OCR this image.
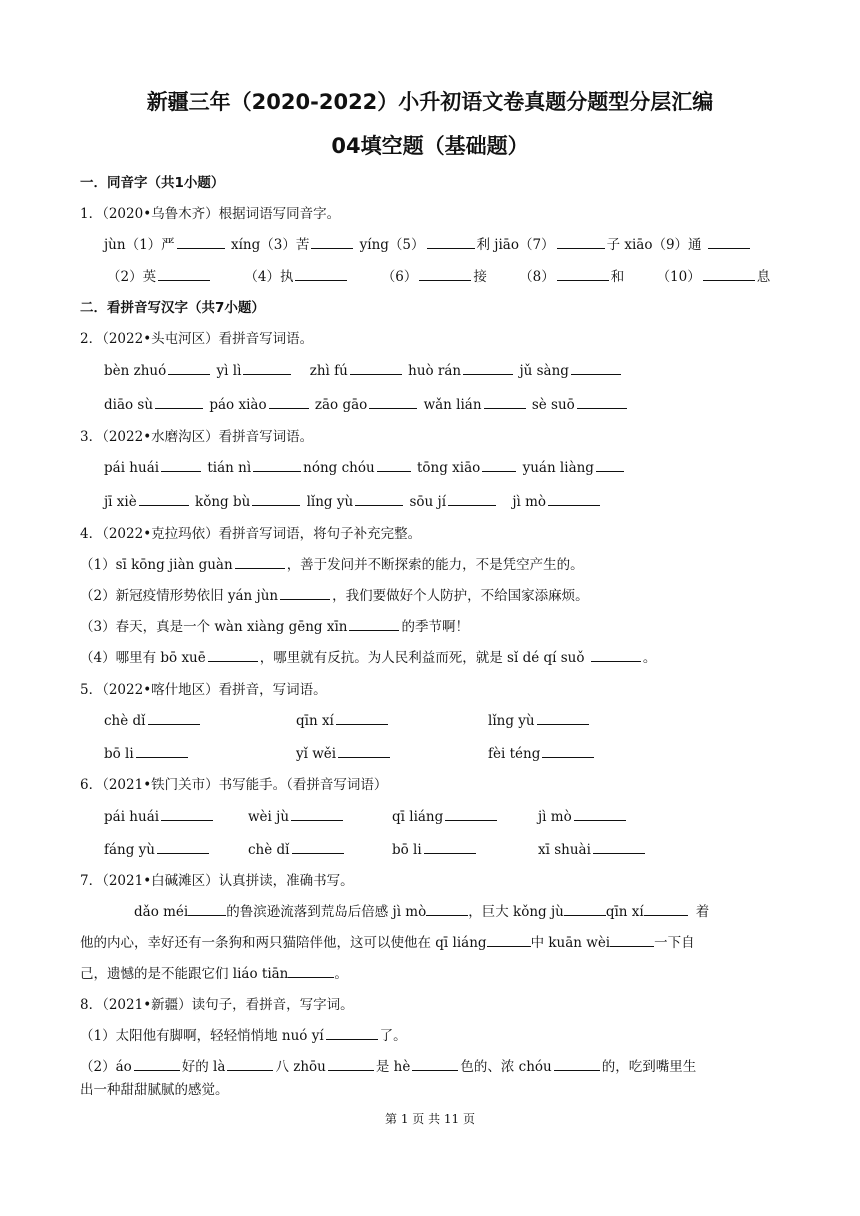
新疆三年（2020-2022）小升初语文卷真题分题型分层汇编
04填空题（基础题）
一．同音字（共1小题）
1．（2020•乌鲁木齐）根据词语写同音字。
jùn（1）严	xíng（3）苦	yíng（5）	利 jiāo（7）	子 xiāo（9）通
（2）英	（4）执	（6）	接 （8）	和 （10）	息
二．看拼音写汉字（共7小题）
2．（2022•头屯河区）看拼音写词语。
bèn zhuó	yì lì	zhì fú	huò rán	jǔ sàng
diāo sù	páo xiào	zāo gāo	wǎn lián	sè suō
3．（2022•水磨沟区）看拼音写词语。
pái huái	tián nì	nóng chóu	tōng xiāo	yuán liàng
jī xiè	kǒng bù	lǐng yù	sōu jí	jì mò
4．（2022•克拉玛依）看拼音写词语，将句子补充完整。
（1）sī kōng jiàn guàn	，善于发问并不断探索的能力，不是凭空产生的。
（2）新冠疫情形势依旧 yán jùn	，我们要做好个人防护，不给国家添麻烦。
（3）春天，真是一个 wàn xiàng gēng xīn	的季节啊！
（4）哪里有 bō xuē	，哪里就有反抗。为人民利益而死，就是 sǐ dé qí suǒ	。
5．（2022•喀什地区）看拼音，写词语。
chè dǐ	qīn xí	lǐng yù
bō li	yǐ wěi	fèi téng
6．（2021•铁门关市）书写能手。（看拼音写词语）
pái huái	wèi jù	qī liáng	jì mò
fáng yù	chè dǐ	bō li	xī shuài
7．（2021•白碱滩区）认真拼读，准确书写。
dǎo méi	的鲁滨逊流落到荒岛后倍感 jì mò	，巨大 kǒng jù	qīn xí	着
他的内心，幸好还有一条狗和两只猫陪伴他，这可以使他在 qī liáng	中 kuān wèi	一下自
己，遗憾的是不能跟它们 liáo tiān	。
8．（2021•新疆）读句子，看拼音，写字词。
（1）太阳他有脚啊，轻轻悄悄地 nuó yí	了。
（2）áo	好的 là	八 zhōu	是 hè	色的、浓 chóu	的，吃到嘴里生
出一种甜甜腻腻的感觉。
第 1 页 共 11 页
